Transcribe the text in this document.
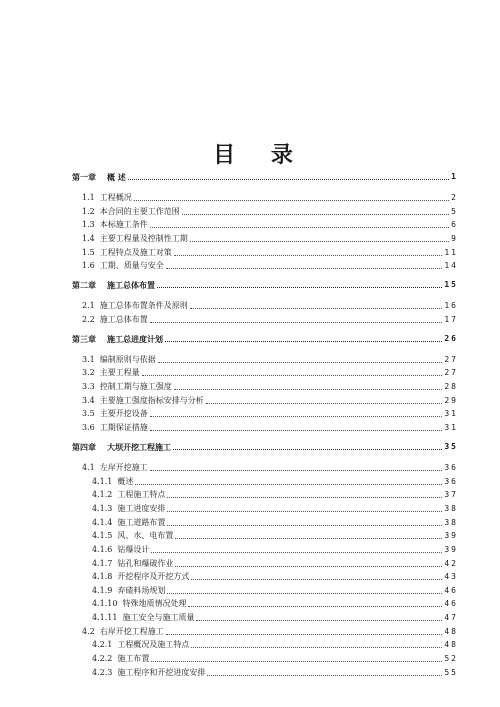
目 录
第一章 概 述	1
1.1 工程概况	2
1.2 本合同的主要工作范围	5
1.3 本标施工条件	6
1.4 主要工程量及控制性工期	9
1.5 工程特点及施工对策	11
1.6 工期、质量与安全	14
第二章 施工总体布置	15
2.1 施工总体布置条件及原则	16
2.2 施工总体布置	17
第三章 施工总进度计划	26
3.1 编制原则与依据	27
3.2 主要工程量	27
3.3 控制工期与施工强度	28
3.4 主要施工强度指标安排与分析	29
3.5 主要开挖设备	31
3.6 工期保证措施	31
第四章 大坝开挖工程施工	35
4.1 左岸开挖施工	36
4.1.1 概述	36
4.1.2 工程施工特点	37
4.1.3 施工进度安排	38
4.1.4 施工道路布置	38
4.1.5 风、水、电布置	39
4.1.6 钻爆设计	39
4.1.7 钻孔和爆破作业	42
4.1.8 开挖程序及开挖方式	43
4.1.9 弃碴料场规划	46
4.1.10 特殊地质情况处理	46
4.1.11 施工安全与施工质量	47
4.2 右岸开挖工程施工	48
4.2.1 工程概况及施工特点	48
4.2.2 施工布置	52
4.2.3 施工程序和开挖进度安排	55
